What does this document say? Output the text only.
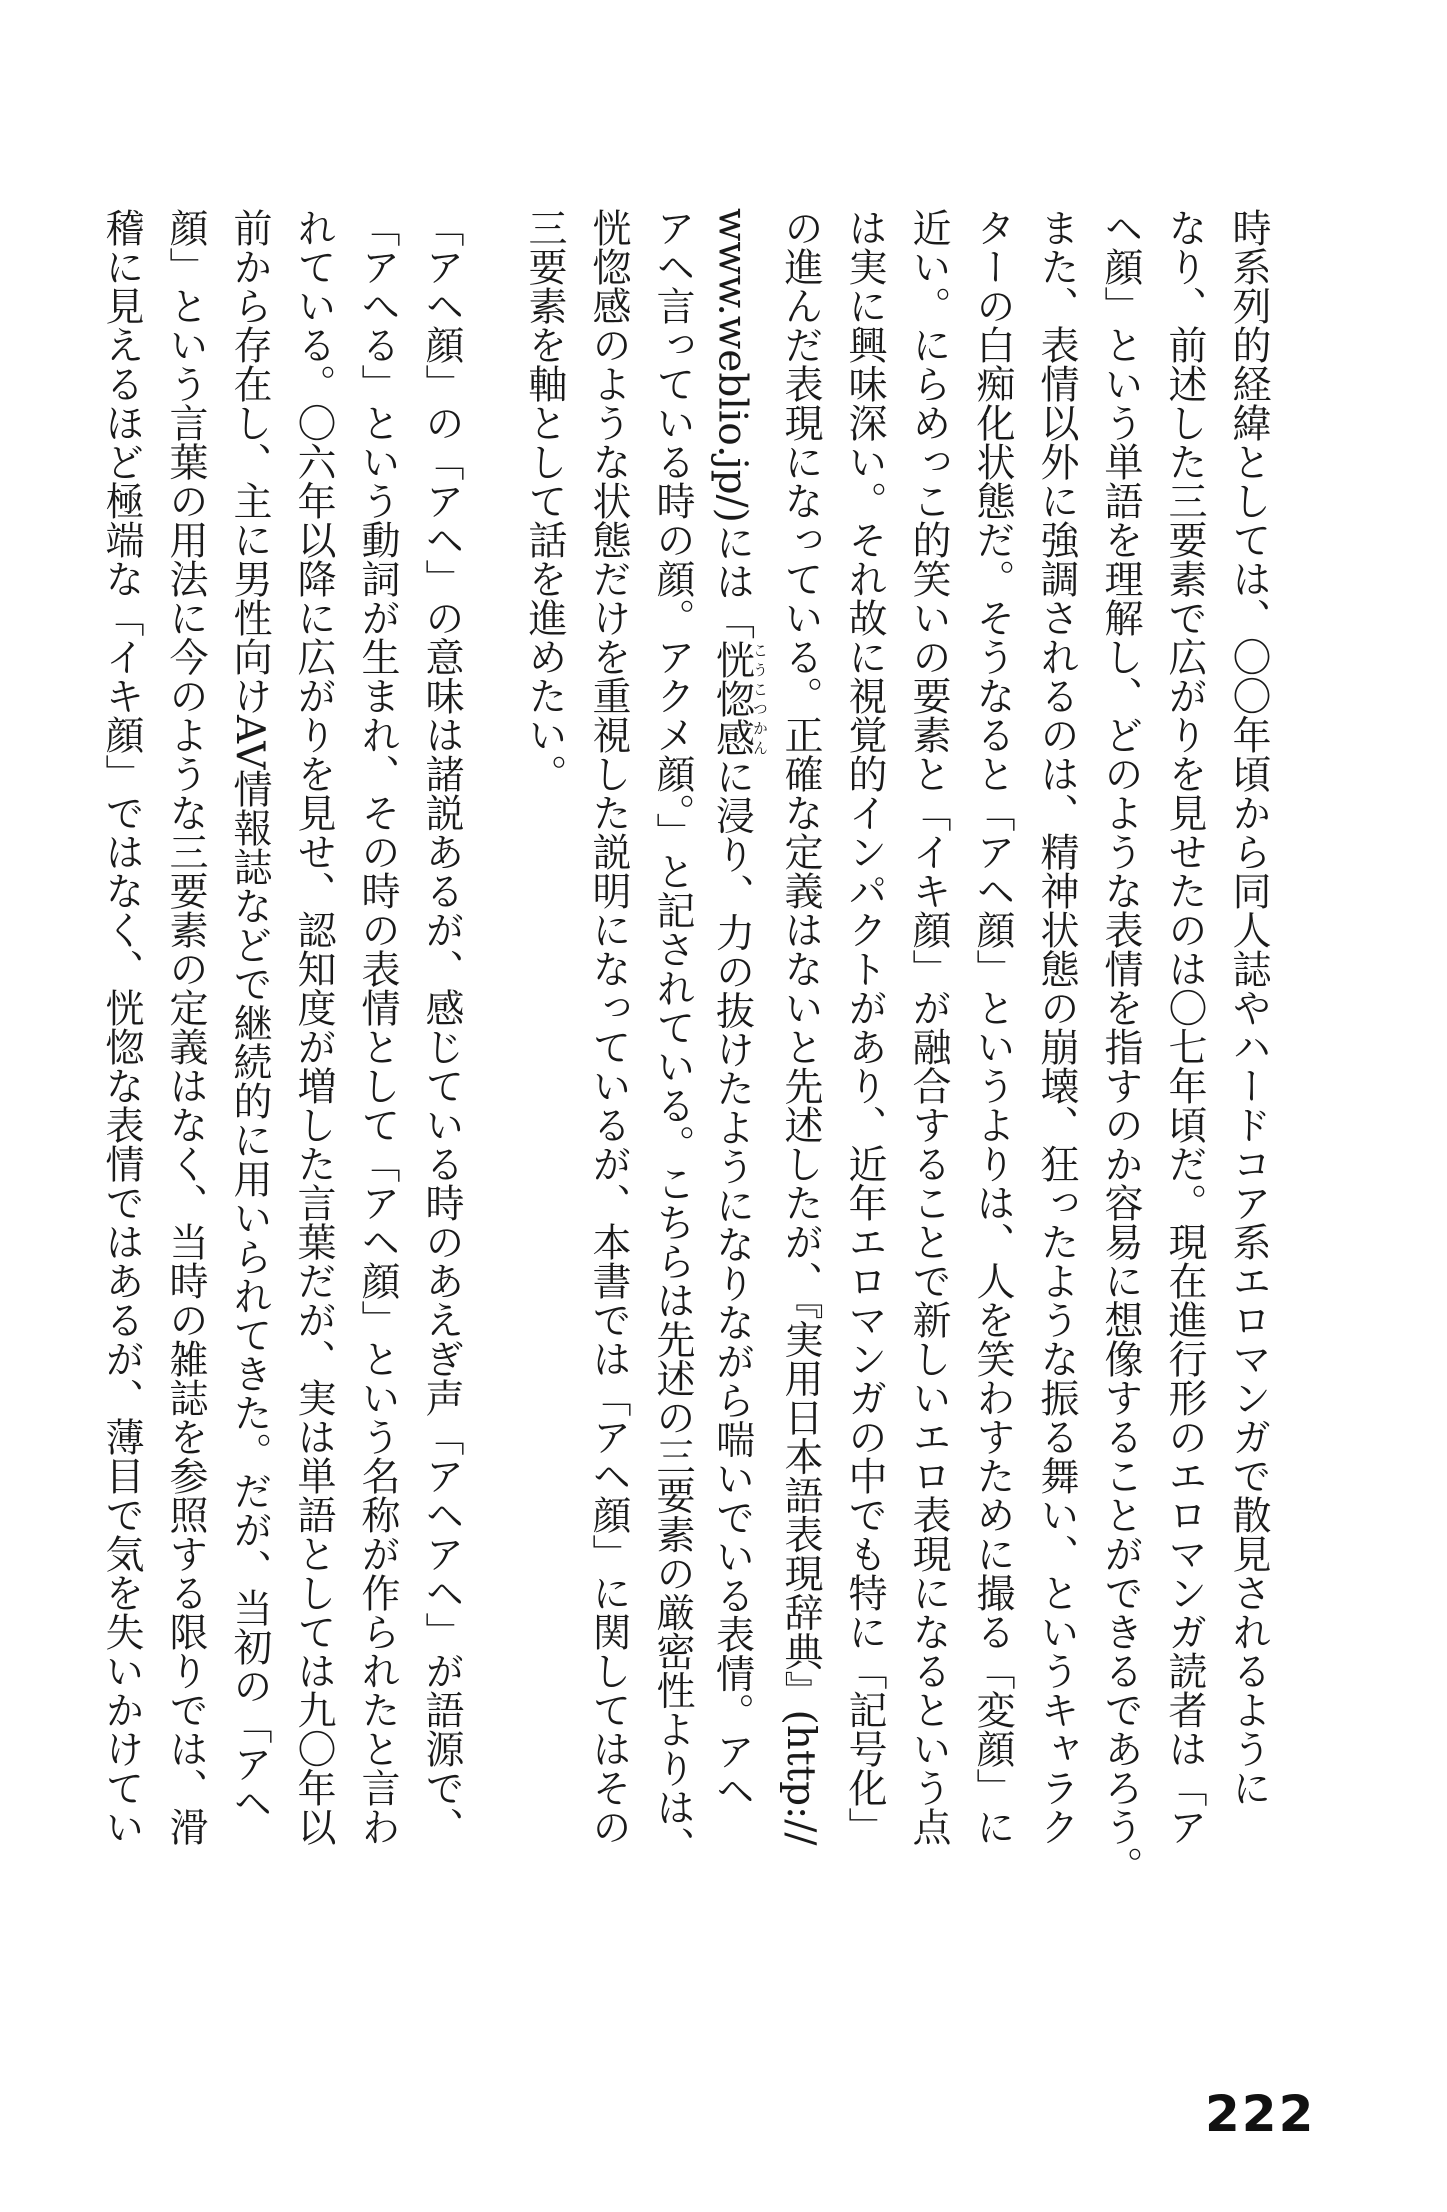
時系列的経緯としては、〇〇年頃から同人誌やハードコア系エロマンガで散見されるように
なり、前述した三要素で広がりを見せたのは〇七年頃だ。現在進行形のエロマンガ読者は「ア
ヘ顔」という単語を理解し、どのような表情を指すのか容易に想像することができるであろう。
また、表情以外に強調されるのは、精神状態の崩壊、狂ったような振る舞い、というキャラク
ターの白痴化状態だ。そうなると「アヘ顔」というよりは、人を笑わすために撮る「変顔」に
近い。にらめっこ的笑いの要素と「イキ顔」が融合することで新しいエロ表現になるという点
は実に興味深い。それ故に視覚的インパクトがあり、近年エロマンガの中でも特に「記号化」
の進んだ表現になっている。正確な定義はないと先述したが、『実用日本語表現辞典』(http://
www.weblio.jp/)には「恍惚感こうこつかんに浸り、力の抜けたようになりながら喘いでいる表情。アヘ
アヘ言っている時の顔。アクメ顔。」と記されている。こちらは先述の三要素の厳密性よりは、
恍惚感のような状態だけを重視した説明になっているが、本書では「アヘ顔」に関してはその
三要素を軸として話を進めたい。
「アヘ顔」の「アヘ」の意味は諸説あるが、感じている時のあえぎ声「アヘアヘ」が語源で、
「アへる」という動詞が生まれ、その時の表情として「アヘ顔」という名称が作られたと言わ
れている。〇六年以降に広がりを見せ、認知度が増した言葉だが、実は単語としては九〇年以
前から存在し、主に男性向けAV情報誌などで継続的に用いられてきた。だが、当初の「アヘ
顔」という言葉の用法に今のような三要素の定義はなく、当時の雑誌を参照する限りでは、滑
稽に見えるほど極端な「イキ顔」ではなく、恍惚な表情ではあるが、薄目で気を失いかけてい
222
